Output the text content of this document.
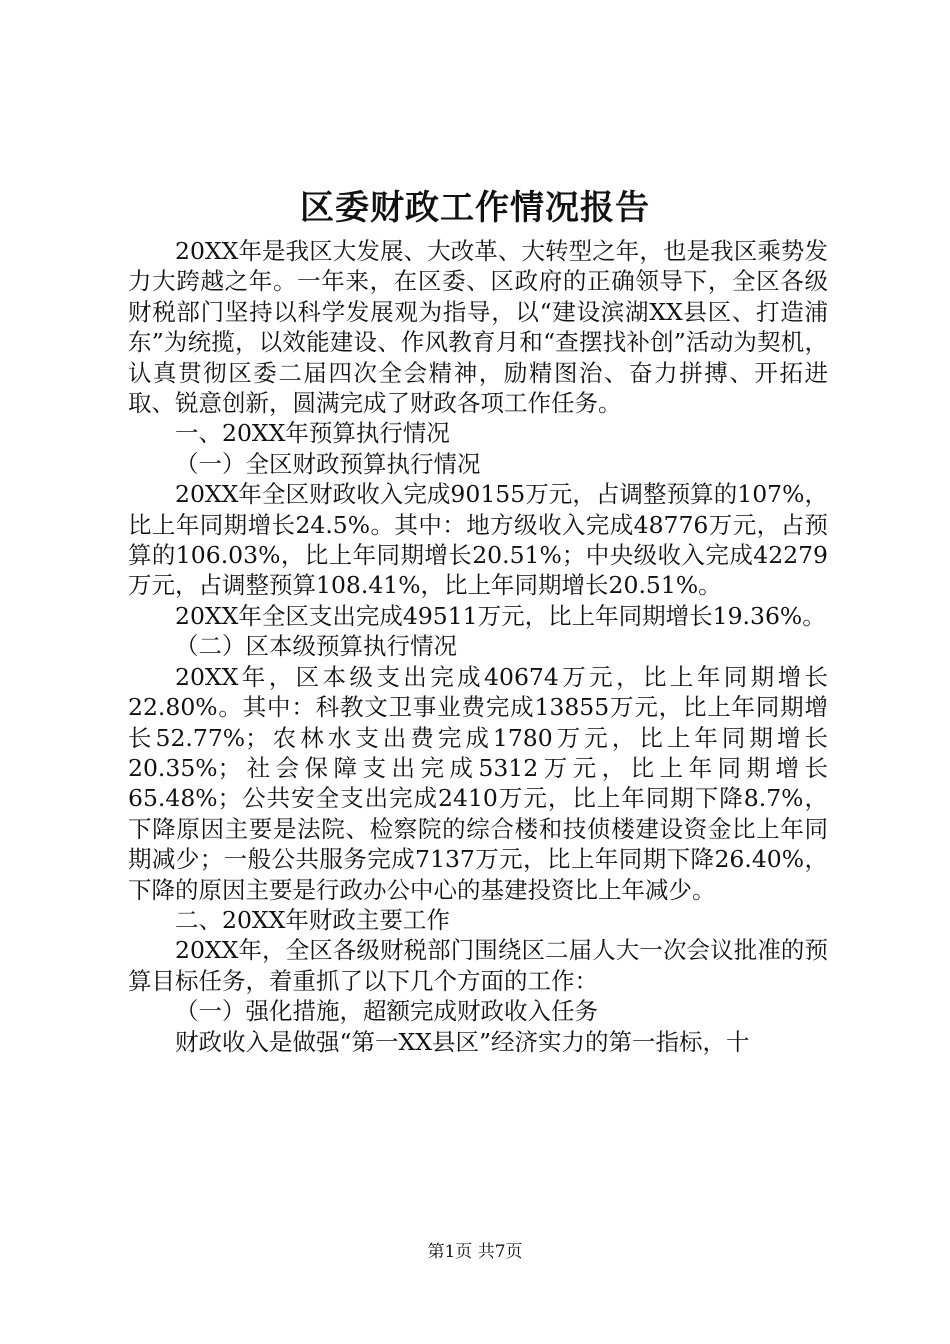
区委财政工作情况报告

20XX年是我区大发展、大改革、大转型之年，也是我区乘势发力大跨越之年。一年来，在区委、区政府的正确领导下，全区各级财税部门坚持以科学发展观为指导，以“建设滨湖XX县区、打造浦东”为统揽，以效能建设、作风教育月和“查摆找补创”活动为契机，认真贯彻区委二届四次全会精神，励精图治、奋力拼搏、开拓进取、锐意创新，圆满完成了财政各项工作任务。

一、20XX年预算执行情况

（一）全区财政预算执行情况

20XX年全区财政收入完成90155万元，占调整预算的107%，比上年同期增长24.5%。其中：地方级收入完成48776万元，占预算的106.03%，比上年同期增长20.51%；中央级收入完成42279万元，占调整预算108.41%，比上年同期增长20.51%。

20XX年全区支出完成49511万元，比上年同期增长19.36%。

（二）区本级预算执行情况

20XX年，区本级支出完成40674万元，比上年同期增长22.80%。其中：科教文卫事业费完成13855万元，比上年同期增长52.77%；农林水支出费完成1780万元，比上年同期增长20.35%；社会保障支出完成5312万元，比上年同期增长65.48%；公共安全支出完成2410万元，比上年同期下降8.7%，下降原因主要是法院、检察院的综合楼和技侦楼建设资金比上年同期减少；一般公共服务完成7137万元，比上年同期下降26.40%，下降的原因主要是行政办公中心的基建投资比上年减少。

二、20XX年财政主要工作

20XX年，全区各级财税部门围绕区二届人大一次会议批准的预算目标任务，着重抓了以下几个方面的工作：

（一）强化措施，超额完成财政收入任务

财政收入是做强“第一XX县区”经济实力的第一指标，十

第1页 共7页
